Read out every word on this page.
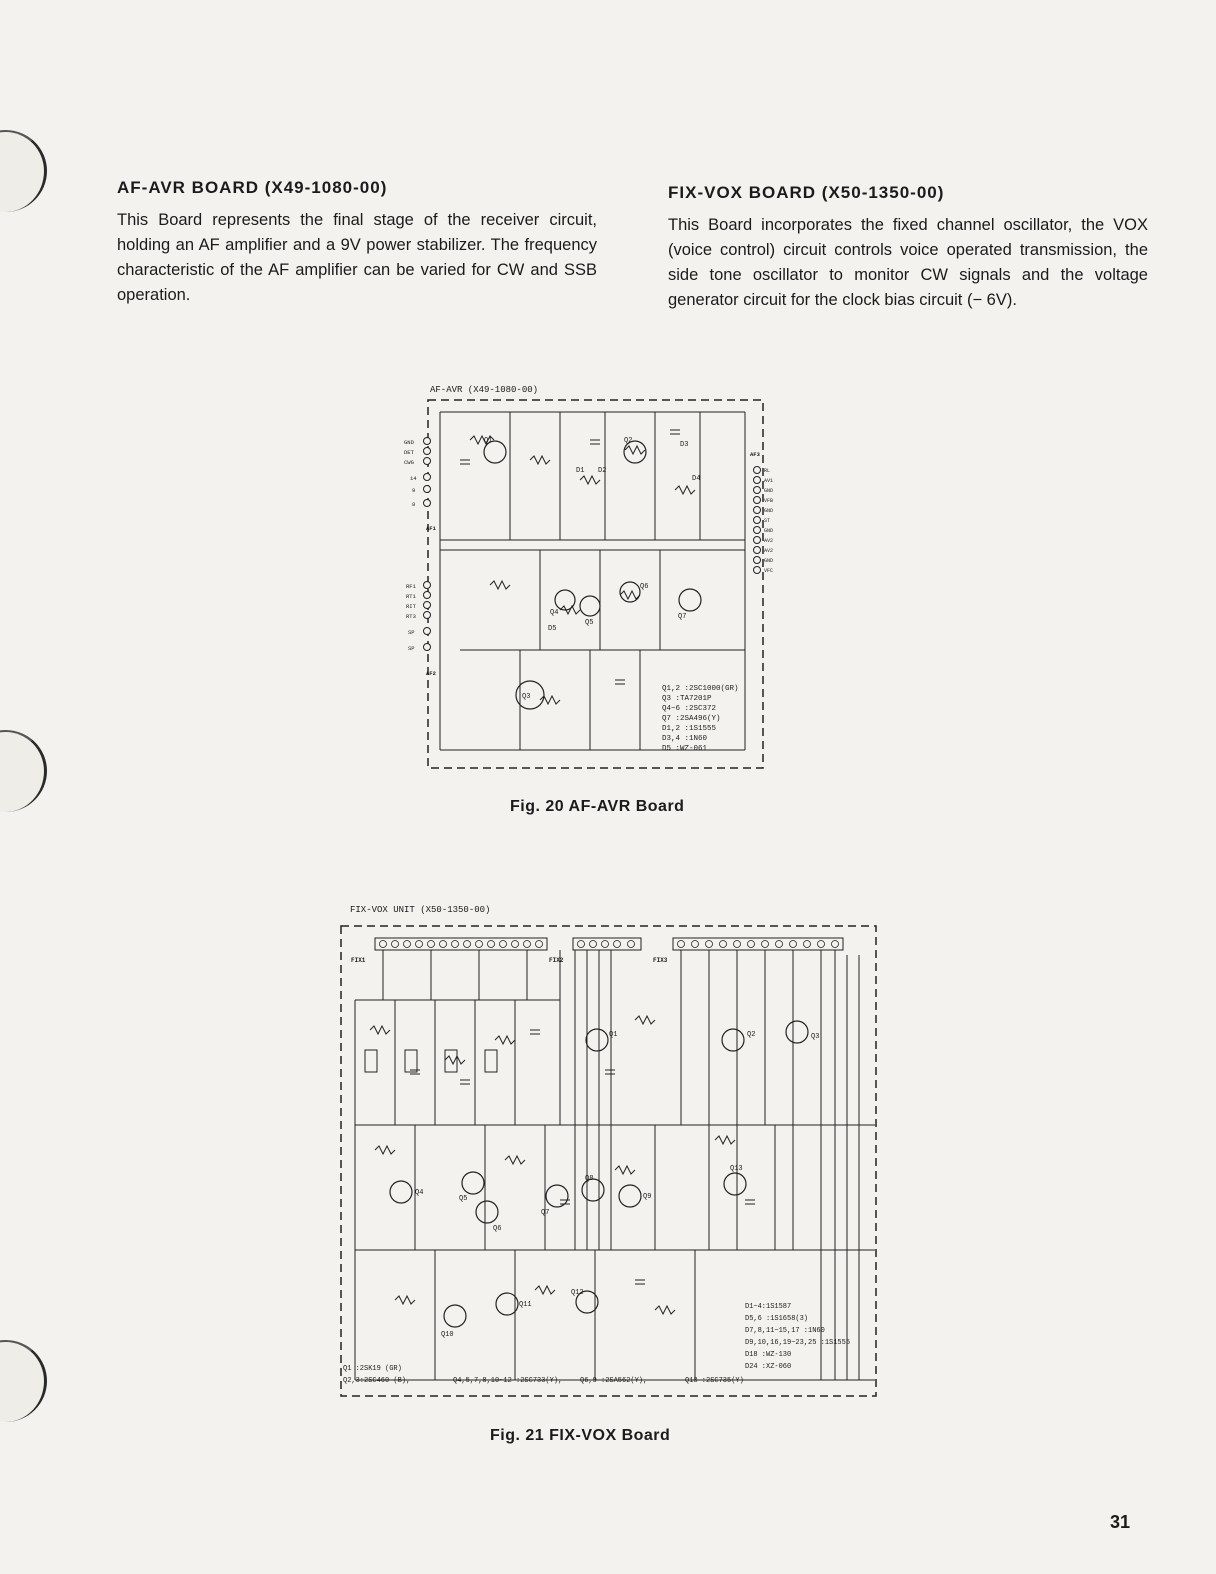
AF-AVR BOARD (X49-1080-00)

This Board represents the final stage of the receiver circuit, holding an AF amplifier and a 9V power stabilizer. The frequency characteristic of the AF amplifier can be varied for CW and SSB operation.

FIX-VOX BOARD (X50-1350-00)

This Board incorporates the fixed channel oscillator, the VOX (voice control) circuit controls voice operated transmission, the side tone oscillator to monitor CW signals and the voltage generator circuit for the clock bias circuit (− 6V).

AF-AVR (X49-1080-00)
Q1	Q2
Q3
Q4
Q5
Q6
Q7
D1 D2
D3
D4
D5
GND
DET
CWG
14
9
8
RF1
RT1
RIT
RT3
SP
SP
AF1
AF2
AF3
RL
AV1
GND
VFB
GND
ST
GND
AV2
AV2
GND
VFC
Q1,2 :2SC1000(GR)
Q3 :TA7201P
Q4~6 :2SC372
Q7 :2SA496(Y)
D1,2 :1S1555
D3,4 :1N60
D5 :WZ-061
Fig. 20 AF-AVR Board
FIX-VOX UNIT (X50-1350-00)
FIX1	FIX2	FIX3
Q1	Q2	Q3
Q4
Q5
Q6
Q7
Q8
Q9
Q10
Q11
Q12
Q13
D1~4:1S1587
D5,6 :1S1658(3)
D7,8,11~15,17 :1N60
D9,10,16,19~23,25 :1S1555
D18 :WZ-130
D24 :XZ-060
Q1 :2SK19 (GR)
Q2,3:2SC460 (B),	Q4,5,7,8,10~12 :2SC733(Y),	Q6,9 :2SA562(Y),	Q13 :2SC735(Y)
Fig. 21 FIX-VOX Board
31
